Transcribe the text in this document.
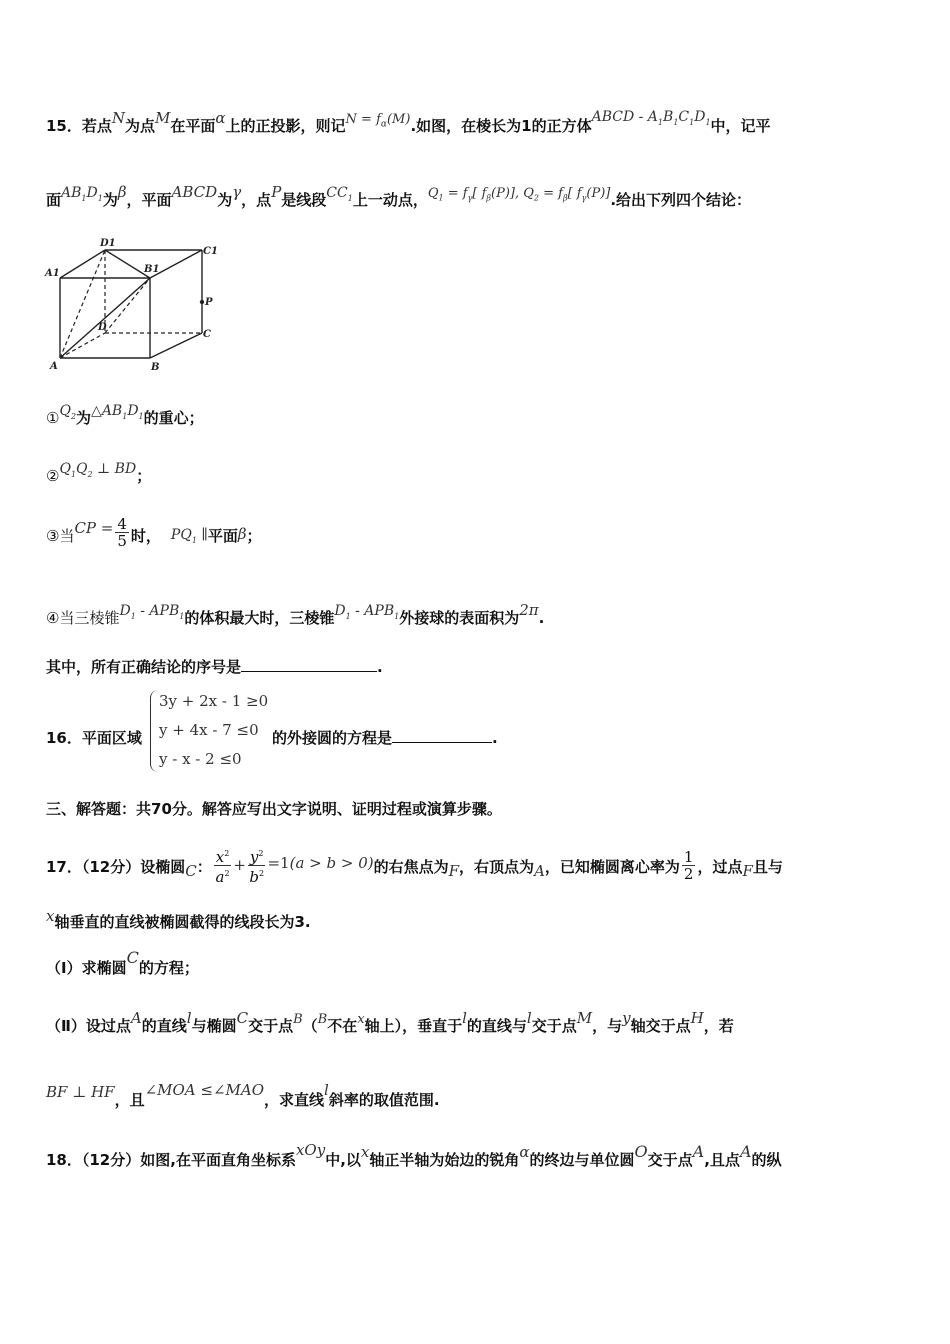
15．若点N为点M在平面α上的正投影，则记$N = f_\alpha(M)$.如图，在棱长为1的正方体ABCD - $A_1B_1C_1D_1$中，记平
面$AB_1D_1$为β，平面ABCD为γ，点P是线段$CC_1$上一动点，$Q_1 = f_\gamma$[ $f_\beta(P)$], $Q_2 = f_\beta$[ $f_\gamma(P)$].给出下列四个结论：
D1
C1
A1	B1
P
D
C
A	B
$①Q_2$为$\triangle AB_1D_1$的重心；
$②Q_1Q_2$ ⊥ BD；
③当CP = $\frac{4}{5}$ 时， $PQ_1$ ∥平面β；
④当三棱锥$D_1 - APB_1$的体积最大时，三棱锥$D_1 - APB_1$外接球的表面积为2π.
其中，所有正确结论的序号是	.
16．平面区域
3y + 2x - 1 ≥0
y + 4x - 7 ≤0
y - x - 2 ≤0
的外接圆的方程是	.
三、解答题：共70分。解答应写出文字说明、证明过程或演算步骤。
17．（12分）设椭圆C： $\frac{x^2}{a^2} + \frac{y^2}{b^2} =1(a > b > 0)$的右焦点为F，右顶点为A，已知椭圆离心率为 $\frac{1}{2}$ ，过点F且与
x轴垂直的直线被椭圆截得的线段长为3.
（Ⅰ）求椭圆C的方程；
（Ⅱ）设过点A的直线l与椭圆C交于点B（B不在x轴上），垂直于l的直线与l交于点M，与y轴交于点H，若
BF ⊥ HF，且∠MOA ≤∠MAO，求直线l斜率的取值范围.
18．（12分）如图,在平面直角坐标系xOy中,以x轴正半轴为始边的锐角α的终边与单位圆O交于点A,且点A的纵
